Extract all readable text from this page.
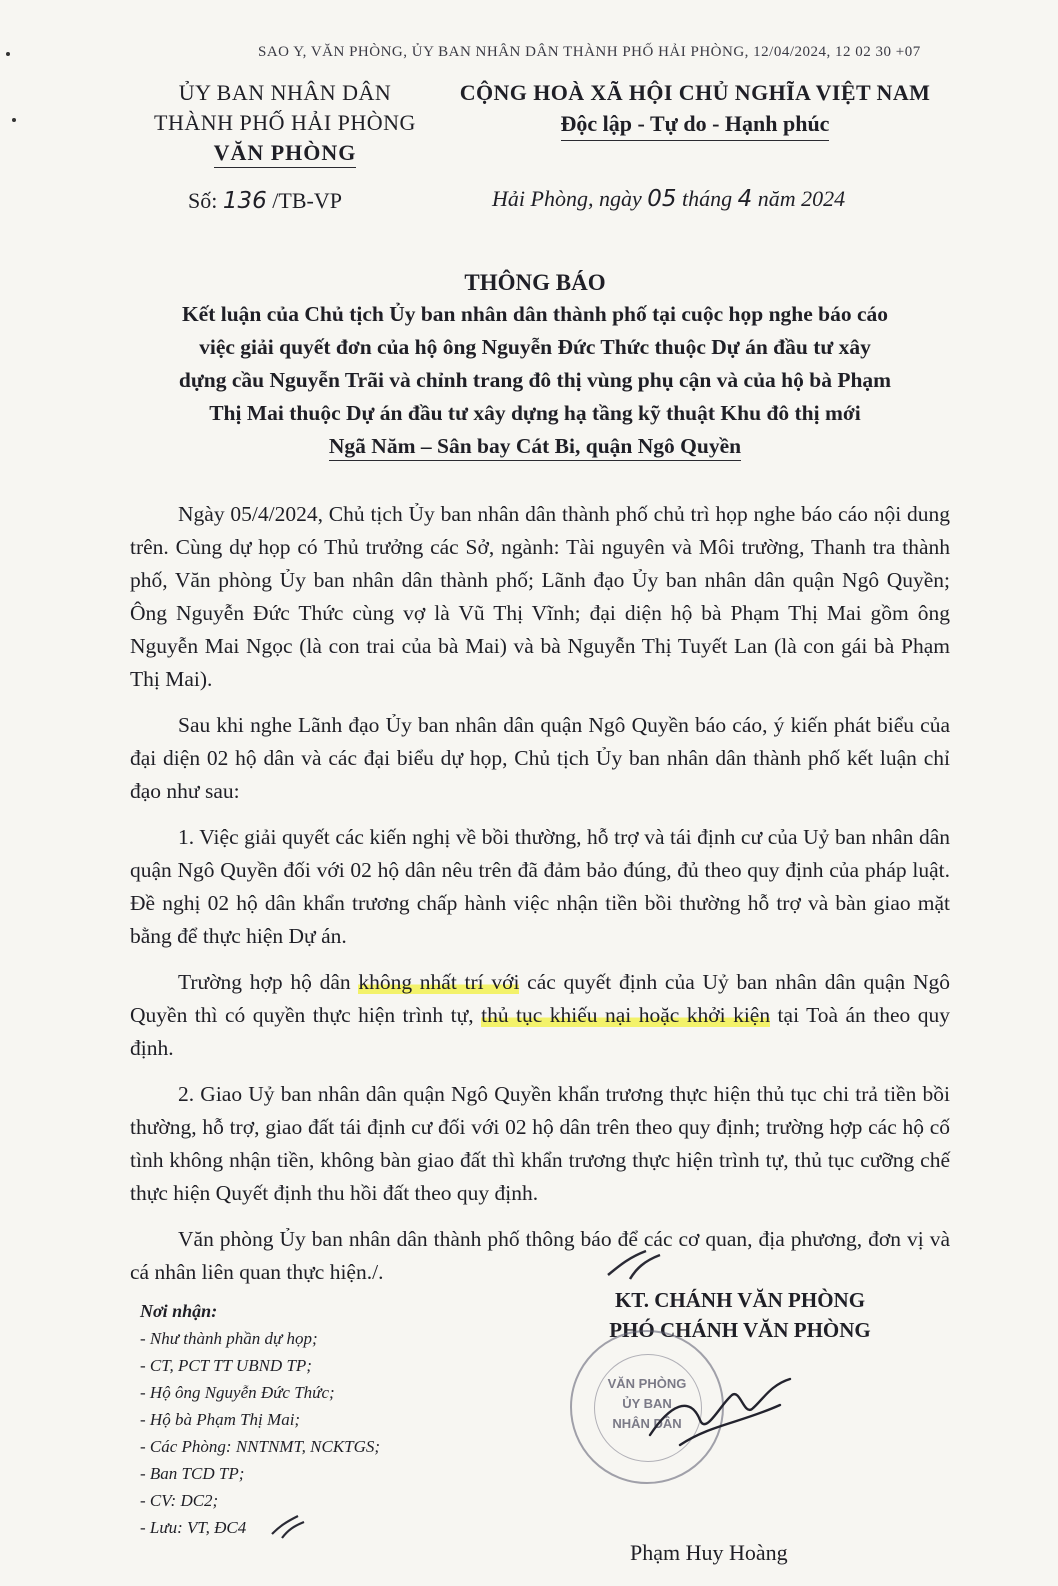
SAO Y, VĂN PHÒNG, ỦY BAN NHÂN DÂN THÀNH PHỐ HẢI PHÒNG, 12/04/2024, 12 02 30 +07
ỦY BAN NHÂN DÂN
THÀNH PHỐ HẢI PHÒNG
VĂN PHÒNG
CỘNG HOÀ XÃ HỘI CHỦ NGHĨA VIỆT NAM
Độc lập - Tự do - Hạnh phúc
Số: 136 /TB-VP	Hải Phòng, ngày 05 tháng 4 năm 2024
THÔNG BÁO
Kết luận của Chủ tịch Ủy ban nhân dân thành phố tại cuộc họp nghe báo cáo
việc giải quyết đơn của hộ ông Nguyễn Đức Thức thuộc Dự án đầu tư xây
dựng cầu Nguyễn Trãi và chỉnh trang đô thị vùng phụ cận và của hộ bà Phạm
Thị Mai thuộc Dự án đầu tư xây dựng hạ tầng kỹ thuật Khu đô thị mới
Ngã Năm – Sân bay Cát Bi, quận Ngô Quyền

Ngày 05/4/2024, Chủ tịch Ủy ban nhân dân thành phố chủ trì họp nghe báo cáo nội dung trên. Cùng dự họp có Thủ trưởng các Sở, ngành: Tài nguyên và Môi trường, Thanh tra thành phố, Văn phòng Ủy ban nhân dân thành phố; Lãnh đạo Ủy ban nhân dân quận Ngô Quyền; Ông Nguyễn Đức Thức cùng vợ là Vũ Thị Vĩnh; đại diện hộ bà Phạm Thị Mai gồm ông Nguyễn Mai Ngọc (là con trai của bà Mai) và bà Nguyễn Thị Tuyết Lan (là con gái bà Phạm Thị Mai).

Sau khi nghe Lãnh đạo Ủy ban nhân dân quận Ngô Quyền báo cáo, ý kiến phát biểu của đại diện 02 hộ dân và các đại biểu dự họp, Chủ tịch Ủy ban nhân dân thành phố kết luận chỉ đạo như sau:

1. Việc giải quyết các kiến nghị về bồi thường, hỗ trợ và tái định cư của Uỷ ban nhân dân quận Ngô Quyền đối với 02 hộ dân nêu trên đã đảm bảo đúng, đủ theo quy định của pháp luật. Đề nghị 02 hộ dân khẩn trương chấp hành việc nhận tiền bồi thường hỗ trợ và bàn giao mặt bằng để thực hiện Dự án.

Trường hợp hộ dân không nhất trí với các quyết định của Uỷ ban nhân dân quận Ngô Quyền thì có quyền thực hiện trình tự, thủ tục khiếu nại hoặc khởi kiện tại Toà án theo quy định.

2. Giao Uỷ ban nhân dân quận Ngô Quyền khẩn trương thực hiện thủ tục chi trả tiền bồi thường, hỗ trợ, giao đất tái định cư đối với 02 hộ dân trên theo quy định; trường hợp các hộ cố tình không nhận tiền, không bàn giao đất thì khẩn trương thực hiện trình tự, thủ tục cưỡng chế thực hiện Quyết định thu hồi đất theo quy định.

Văn phòng Ủy ban nhân dân thành phố thông báo để các cơ quan, địa phương, đơn vị và cá nhân liên quan thực hiện./.

Nơi nhận:
- Như thành phần dự họp;
- CT, PCT TT UBND TP;
- Hộ ông Nguyễn Đức Thức;
- Hộ bà Phạm Thị Mai;
- Các Phòng: NNTNMT, NCKTGS;
- Ban TCD TP;
- CV: DC2;
- Lưu: VT, ĐC4
KT. CHÁNH VĂN PHÒNG
PHÓ CHÁNH VĂN PHÒNG
VĂN PHÒNG
ỦY BAN
NHÂN DÂN
Phạm Huy Hoàng
